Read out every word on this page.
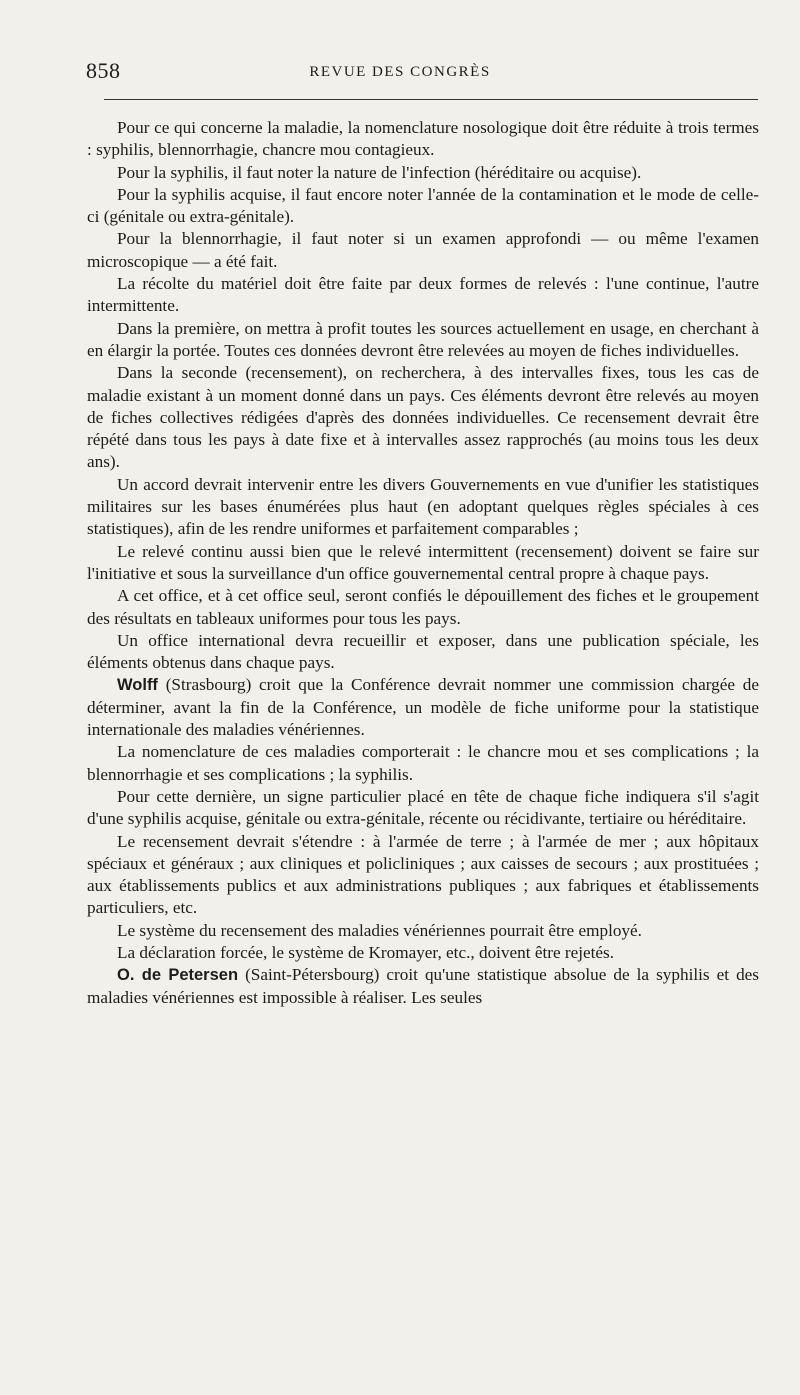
858	REVUE DES CONGRÈS

Pour ce qui concerne la maladie, la nomenclature nosologique doit être réduite à trois termes : syphilis, blennorrhagie, chancre mou contagieux.

Pour la syphilis, il faut noter la nature de l'infection (héréditaire ou acquise).

Pour la syphilis acquise, il faut encore noter l'année de la contamination et le mode de celle-ci (génitale ou extra-génitale).

Pour la blennorrhagie, il faut noter si un examen approfondi — ou même l'examen microscopique — a été fait.

La récolte du matériel doit être faite par deux formes de relevés : l'une continue, l'autre intermittente.

Dans la première, on mettra à profit toutes les sources actuellement en usage, en cherchant à en élargir la portée. Toutes ces données devront être relevées au moyen de fiches individuelles.

Dans la seconde (recensement), on recherchera, à des intervalles fixes, tous les cas de maladie existant à un moment donné dans un pays. Ces éléments devront être relevés au moyen de fiches collectives rédigées d'après des données individuelles. Ce recensement devrait être répété dans tous les pays à date fixe et à intervalles assez rapprochés (au moins tous les deux ans).

Un accord devrait intervenir entre les divers Gouvernements en vue d'unifier les statistiques militaires sur les bases énumérées plus haut (en adoptant quelques règles spéciales à ces statistiques), afin de les rendre uniformes et parfaitement comparables ;

Le relevé continu aussi bien que le relevé intermittent (recensement) doivent se faire sur l'initiative et sous la surveillance d'un office gouvernemental central propre à chaque pays.

A cet office, et à cet office seul, seront confiés le dépouillement des fiches et le groupement des résultats en tableaux uniformes pour tous les pays.

Un office international devra recueillir et exposer, dans une publication spéciale, les éléments obtenus dans chaque pays.

Wolff (Strasbourg) croit que la Conférence devrait nommer une commission chargée de déterminer, avant la fin de la Conférence, un modèle de fiche uniforme pour la statistique internationale des maladies vénériennes.

La nomenclature de ces maladies comporterait : le chancre mou et ses complications ; la blennorrhagie et ses complications ; la syphilis.

Pour cette dernière, un signe particulier placé en tête de chaque fiche indiquera s'il s'agit d'une syphilis acquise, génitale ou extra-génitale, récente ou récidivante, tertiaire ou héréditaire.

Le recensement devrait s'étendre : à l'armée de terre ; à l'armée de mer ; aux hôpitaux spéciaux et généraux ; aux cliniques et policliniques ; aux caisses de secours ; aux prostituées ; aux établissements publics et aux administrations publiques ; aux fabriques et établissements particuliers, etc.

Le système du recensement des maladies vénériennes pourrait être employé.

La déclaration forcée, le système de Kromayer, etc., doivent être rejetés.

O. de Petersen (Saint-Pétersbourg) croit qu'une statistique absolue de la syphilis et des maladies vénériennes est impossible à réaliser. Les seules
